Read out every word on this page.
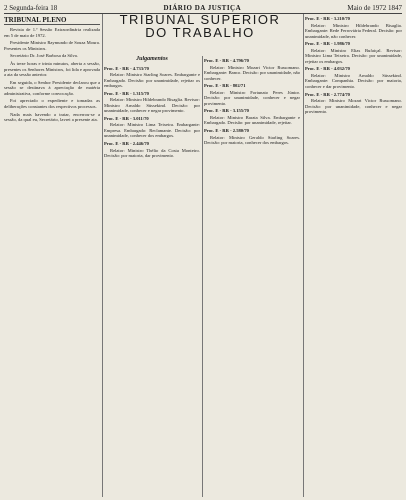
2 Segunda-feira 18	DIÁRIO DA JUSTIÇA	Maio de 1972 1847
TRIBUNAL SUPERIOR
DO TRABALHO
TRIBUNAL PLENO

Revista de 1.ª Sessão Extraordinária realizada em 5 de maio de 1972.

Presidente Ministro Raymundo de Souza Moura. Presentes os Ministros.

Secretário Dr. José Barbosa da Silva.

Às treze horas e trinta minutos, aberta a sessão, presentes os Senhores Ministros, foi lida e aprovada a ata da sessão anterior.

Em seguida, o Senhor Presidente declarou que a sessão se destinava à apreciação de matéria administrativa, conforme convocação.

Foi apreciado o expediente e tomadas as deliberações constantes dos respectivos processos.

Nada mais havendo a tratar, encerrou-se a sessão, da qual eu, Secretário, lavrei a presente ata.

Julgamentos
Proc. E - RR - 4.733/70

Relator: Ministro Starling Soares. Embargante e Embargado. Decisão: por unanimidade, rejeitar os embargos.

Proc. E - RR - 1.315/70

Relator: Ministro Hildebrando Bisaglia. Revisor: Ministro Arnaldo Süssekind. Decisão: por unanimidade, conhecer e negar provimento.

Proc. E - RR - 3.011/70

Relator: Ministro Lima Teixeira. Embargante: Empresa. Embargado: Reclamante. Decisão: por unanimidade, conhecer dos embargos.

Proc. E - RR - 2.446/70

Relator: Ministro Thélio da Costa Monteiro. Decisão: por maioria, dar provimento.

Proc. E - RR - 4.796/70

Relator: Ministro Mozart Victor Russomano. Embargante: Banco. Decisão: por unanimidade, não conhecer.

Proc. E - RR - 802/71

Relator: Ministro Fortunato Peres Júnior. Decisão: por unanimidade, conhecer e negar provimento.

Proc. E - RR - 3.155/70

Relator: Ministro Barata Silva. Embargante e Embargado. Decisão: por unanimidade, rejeitar.

Proc. E - RR - 2.580/70

Relator: Ministro Geraldo Starling Soares. Decisão: por maioria, conhecer dos embargos.

Proc. E - RR - 3.210/70

Relator: Ministro Hildebrando Bisaglia. Embargante: Rede Ferroviária Federal. Decisão: por unanimidade, não conhecer.

Proc. E - RR - 1.986/70

Relator: Ministro Elias Bufaiçal. Revisor: Ministro Lima Teixeira. Decisão: por unanimidade, rejeitar os embargos.

Proc. E - RR - 4.032/70

Relator: Ministro Arnaldo Süssekind. Embargante: Companhia. Decisão: por maioria, conhecer e dar provimento.

Proc. E - RR - 2.774/70

Relator: Ministro Mozart Victor Russomano. Decisão: por unanimidade, conhecer e negar provimento.
